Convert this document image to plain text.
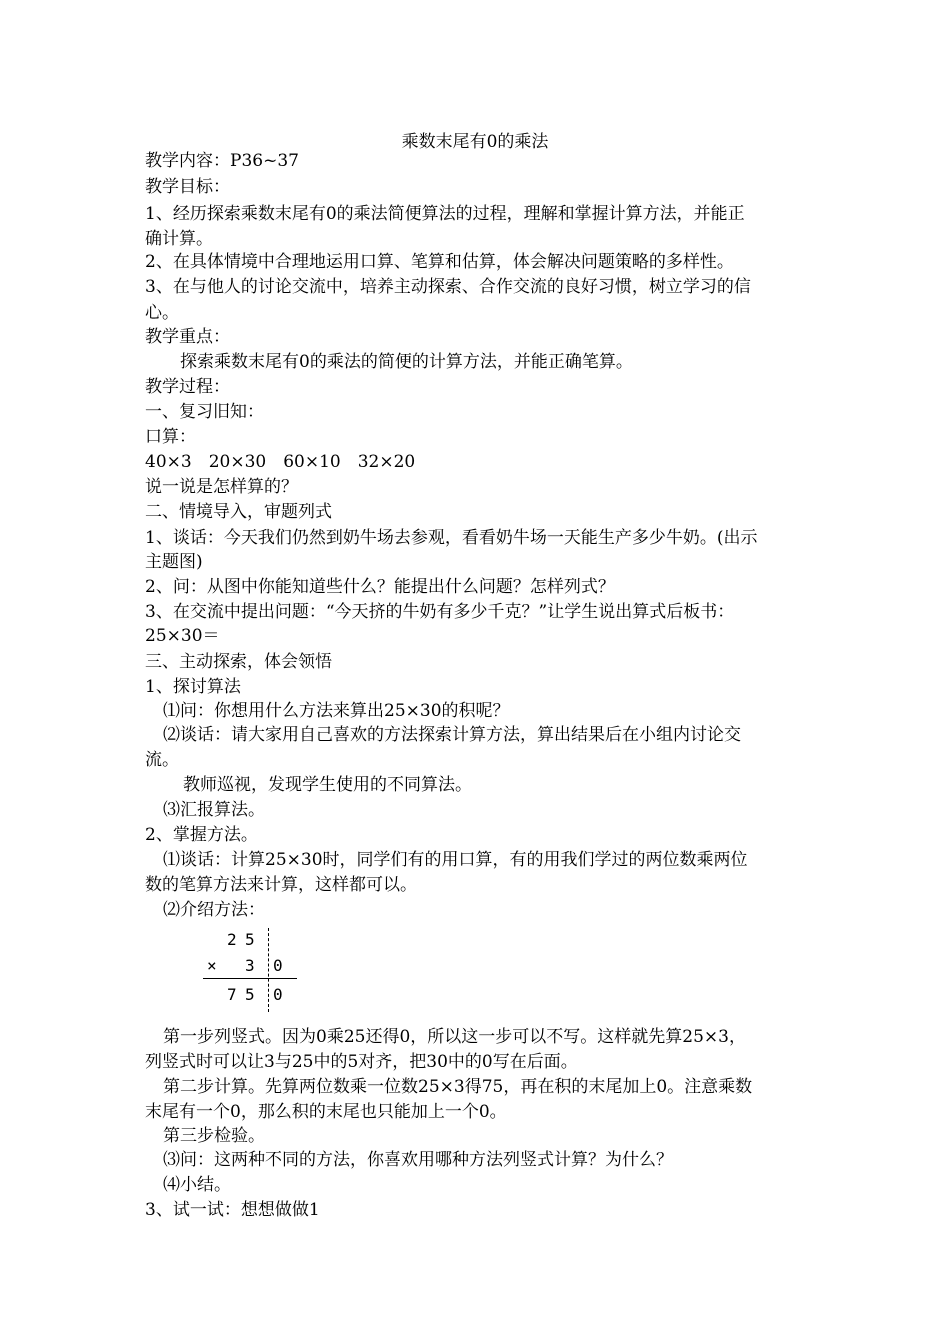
乘数末尾有0的乘法
教学内容：P36~37
教学目标：
1、经历探索乘数末尾有0的乘法简便算法的过程，理解和掌握计算方法，并能正
确计算。
2、在具体情境中合理地运用口算、笔算和估算，体会解决问题策略的多样性。
3、在与他人的讨论交流中，培养主动探索、合作交流的良好习惯，树立学习的信
心。
教学重点：
探索乘数末尾有0的乘法的简便的计算方法，并能正确笔算。
教学过程：
一、复习旧知：
口算：
40×3　20×30　60×10　32×20
说一说是怎样算的？
二、情境导入，审题列式
1、谈话：今天我们仍然到奶牛场去参观，看看奶牛场一天能生产多少牛奶。(出示
主题图)
2、问：从图中你能知道些什么？能提出什么问题？怎样列式？
3、在交流中提出问题：“今天挤的牛奶有多少千克？”让学生说出算式后板书：
25×30＝
三、主动探索，体会领悟
1、探讨算法
⑴问：你想用什么方法来算出25×30的积呢？
⑵谈话：请大家用自己喜欢的方法探索计算方法，算出结果后在小组内讨论交
流。
教师巡视，发现学生使用的不同算法。
⑶汇报算法。
2、掌握方法。
⑴谈话：计算25×30时，同学们有的用口算，有的用我们学过的两位数乘两位
数的笔算方法来计算，这样都可以。
⑵介绍方法：
2 5
× 3 0
7 5 0
第一步列竖式。因为0乘25还得0，所以这一步可以不写。这样就先算25×3，
列竖式时可以让3与25中的5对齐，把30中的0写在后面。
第二步计算。先算两位数乘一位数25×3得75，再在积的末尾加上0。注意乘数
末尾有一个0，那么积的末尾也只能加上一个0。
第三步检验。
⑶问：这两种不同的方法，你喜欢用哪种方法列竖式计算？为什么？
⑷小结。
3、试一试：想想做做1
